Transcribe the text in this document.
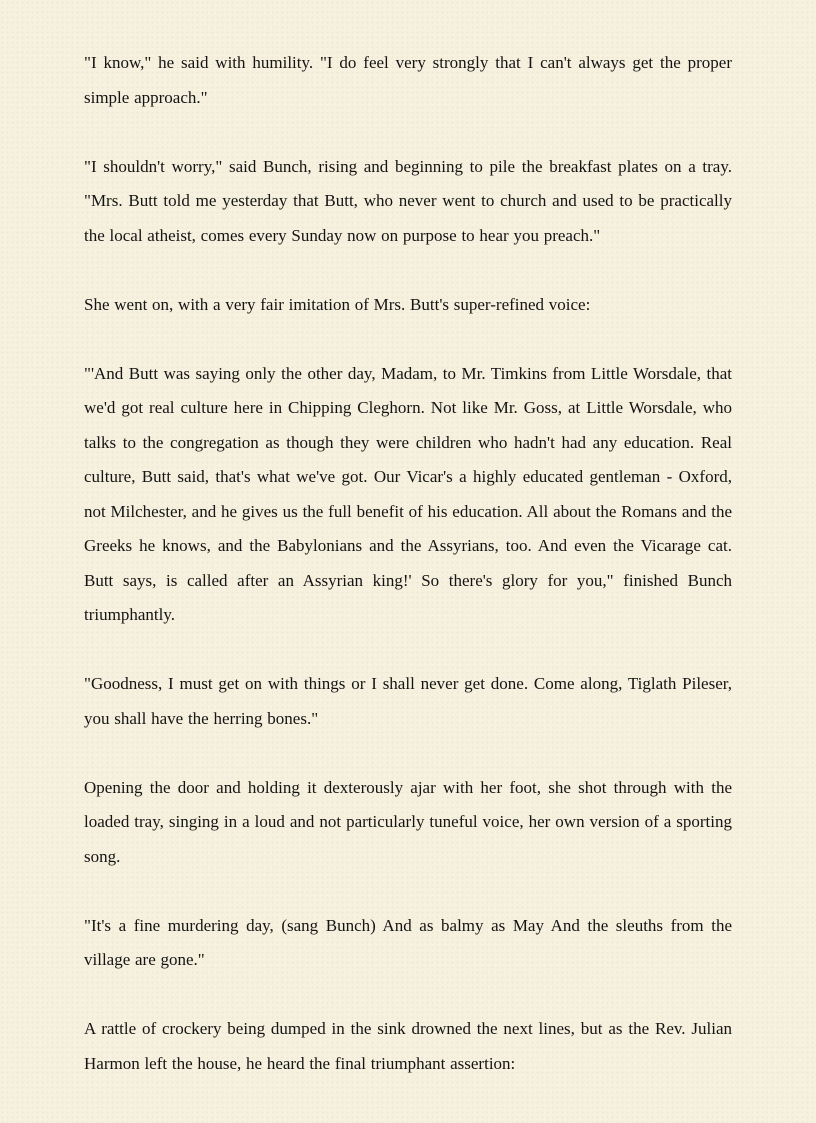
"I know," he said with humility. "I do feel very strongly that I can't always get the proper simple approach."

"I shouldn't worry," said Bunch, rising and beginning to pile the breakfast plates on a tray. "Mrs. Butt told me yesterday that Butt, who never went to church and used to be practically the local atheist, comes every Sunday now on purpose to hear you preach."

She went on, with a very fair imitation of Mrs. Butt's super-refined voice:

"'And Butt was saying only the other day, Madam, to Mr. Timkins from Little Worsdale, that we'd got real culture here in Chipping Cleghorn. Not like Mr. Goss, at Little Worsdale, who talks to the congregation as though they were children who hadn't had any education. Real culture, Butt said, that's what we've got. Our Vicar's a highly educated gentleman - Oxford, not Milchester, and he gives us the full benefit of his education. All about the Romans and the Greeks he knows, and the Babylonians and the Assyrians, too. And even the Vicarage cat. Butt says, is called after an Assyrian king!' So there's glory for you," finished Bunch triumphantly.

"Goodness, I must get on with things or I shall never get done. Come along, Tiglath Pileser, you shall have the herring bones."

Opening the door and holding it dexterously ajar with her foot, she shot through with the loaded tray, singing in a loud and not particularly tuneful voice, her own version of a sporting song.

"It's a fine murdering day, (sang Bunch) And as balmy as May And the sleuths from the village are gone."

A rattle of crockery being dumped in the sink drowned the next lines, but as the Rev. Julian Harmon left the house, he heard the final triumphant assertion:
